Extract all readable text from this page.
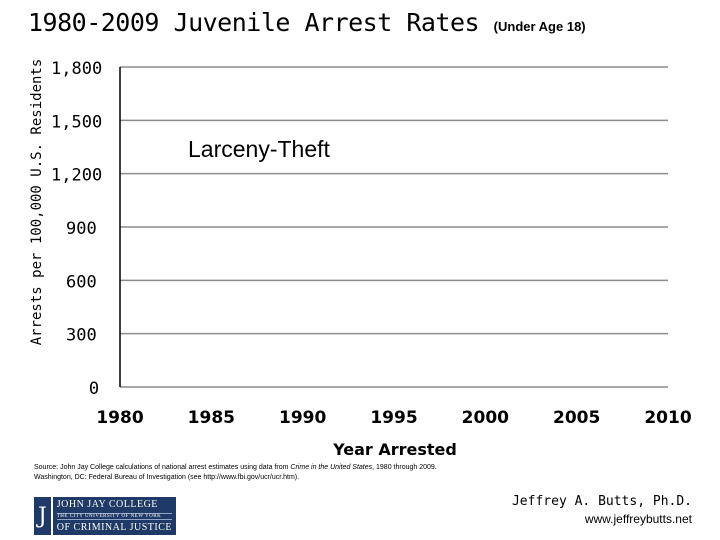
1980-2009 Juvenile Arrest Rates (Under Age 18)
Arrests per 100,000 U.S. Residents
0
300
600
900
1,200
1,500
1,800
1980	1985	1990	1995	2000	2005	2010
Year Arrested
Larceny-Theft
Source: John Jay College calculations of national arrest estimates using data from Crime in the United States, 1980 through 2009.
Washington, DC: Federal Bureau of Investigation (see http://www.fbi.gov/ucr/ucr.htm).
J JOHN JAY COLLEGE
THE CITY UNIVERSITY OF NEW YORK
OF CRIMINAL JUSTICE
Jeffrey A. Butts, Ph.D.
www.jeffreybutts.net
